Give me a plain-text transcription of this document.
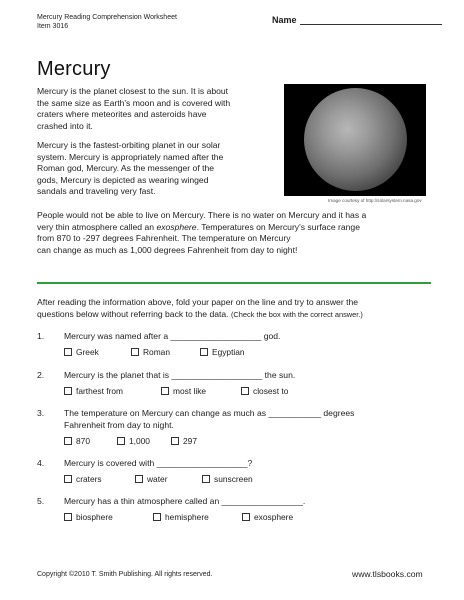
Mercury Reading Comprehension Worksheet
Item 3016
Name
Mercury
Mercury is the planet closest to the sun. It is about
the same size as Earth's moon and is covered with
craters where meteorites and asteroids have
crashed into it.
Mercury is the fastest-orbiting planet in our solar
system. Mercury is appropriately named after the
Roman god, Mercury. As the messenger of the
gods, Mercury is depicted as wearing winged
sandals and traveling very fast.
Image courtesy of http://solarsystem.nasa.gov
People would not be able to live on Mercury. There is no water on Mercury and it has a
very thin atmosphere called an exosphere. Temperatures on Mercury's surface range
from 870 to -297 degrees Fahrenheit. The temperature on Mercury
can change as much as 1,000 degrees Fahrenheit from day to night!
After reading the information above, fold your paper on the line and try to answer the
questions below without referring back to the data. (Check the box with the correct answer.)
1. Mercury was named after a ___________________ god.
Greek	Roman	Egyptian
2. Mercury is the planet that is ___________________ the sun.
farthest from	most like	closest to
3. The temperature on Mercury can change as much as ___________ degrees
Fahrenheit from day to night.
870	1,000	297
4. Mercury is covered with ___________________?
craters	water	sunscreen
5. Mercury has a thin atmosphere called an _________________.
biosphere	hemisphere	exosphere
Copyright ©2010 T. Smith Publishing. All rights reserved.	www.tlsbooks.com
